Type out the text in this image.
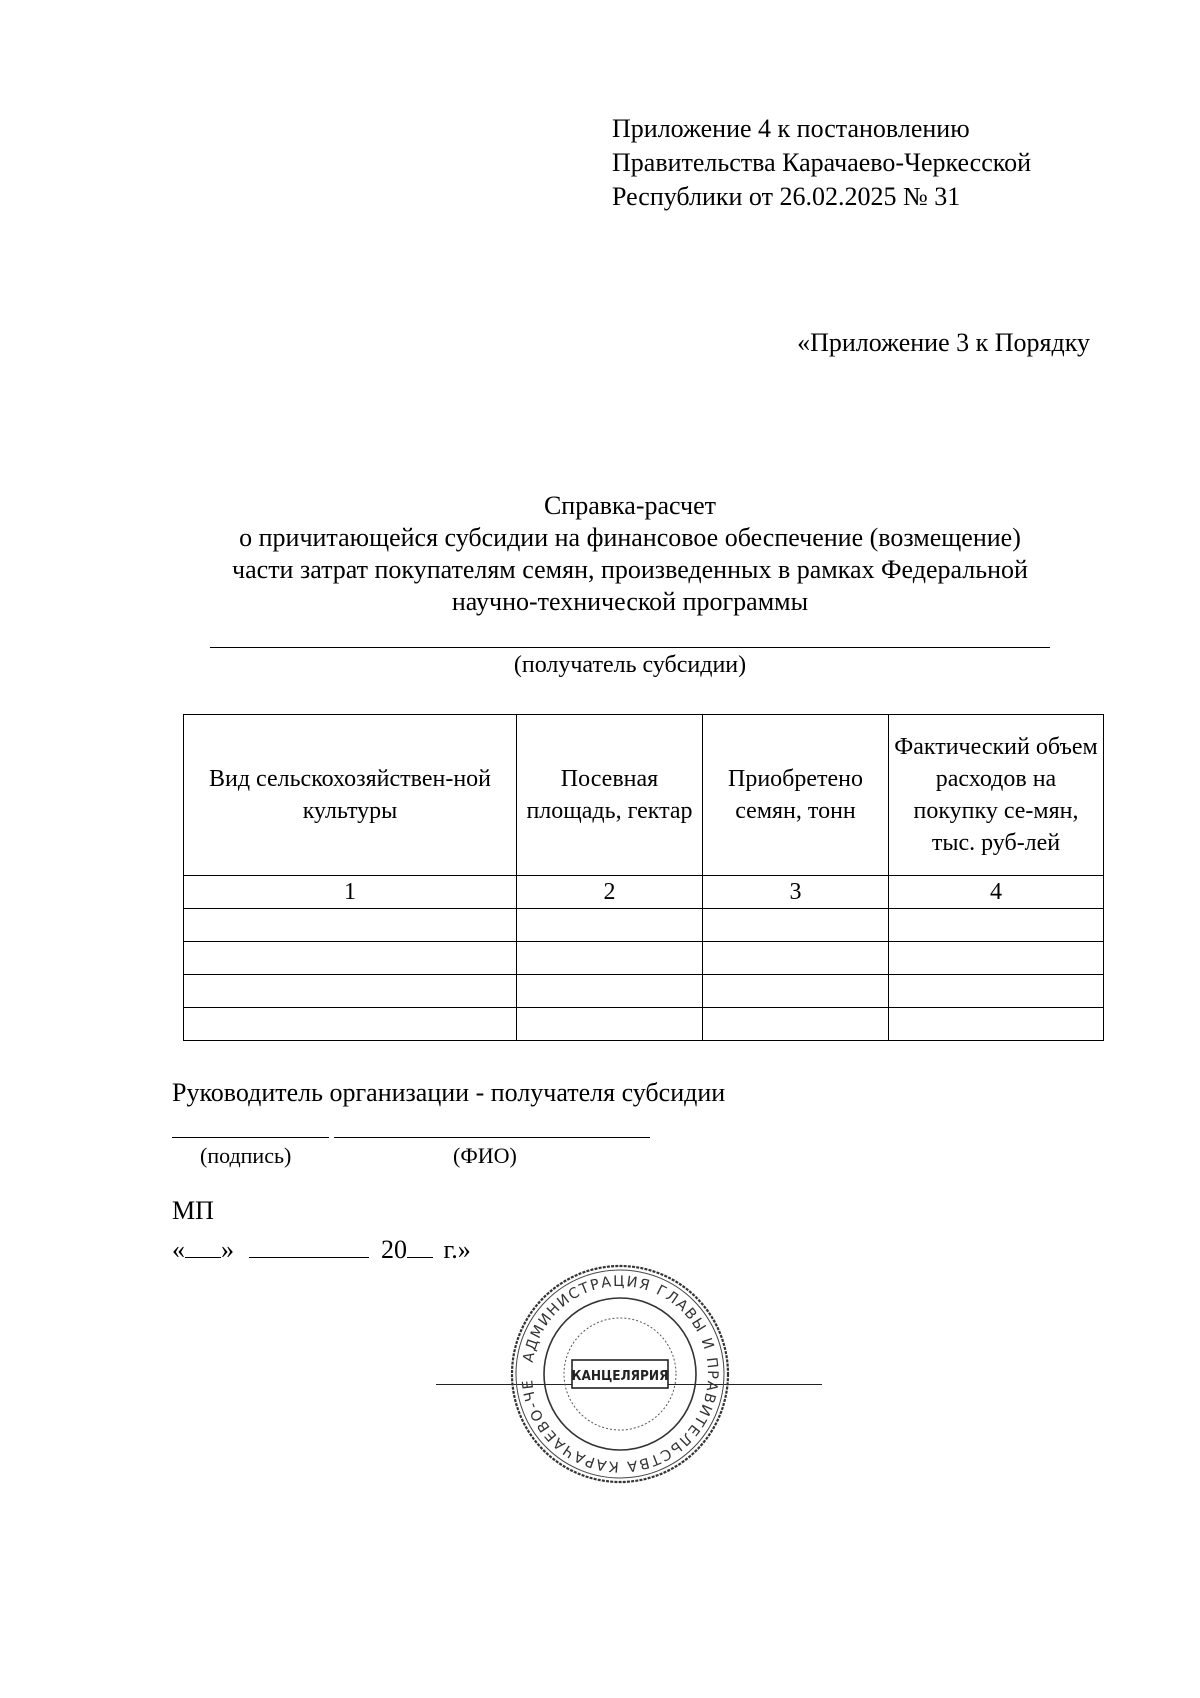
Приложение 4 к постановлению
Правительства Карачаево-Черкесской
Республики от 26.02.2025 № 31
«Приложение 3 к Порядку
Справка-расчет
о причитающейся субсидии на финансовое обеспечение (возмещение)
части затрат покупателям семян, произведенных в рамках Федеральной
научно-технической программы
(получатель субсидии)
Вид сельскохозяйствен-ной культуры	Посевная площадь, гектар	Приобретено семян, тонн	Фактический объем расходов на покупку се-мян, тыс. руб-лей
1	2	3	4

Руководитель организации - получателя субсидии
(подпись)	(ФИО)
МП
« »	20 г.»
АДМИНИСТРАЦИЯ ГЛАВЫ И ПРАВИТЕЛЬСТВА КАРАЧАЕВО-ЧЕ	КАНЦЕЛЯРИЯ
